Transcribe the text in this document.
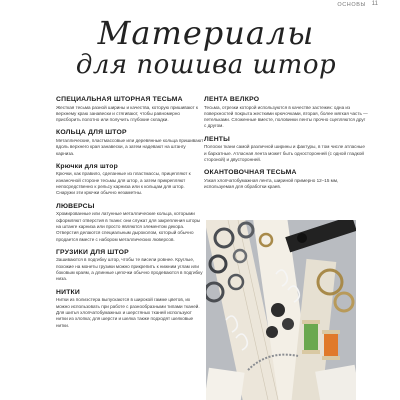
ОСНОВЫ 11
Материалы
для пошива штор
СПЕЦИАЛЬНАЯ ШТОРНАЯ ТЕСЬМА
Жесткая тесьма разной ширины и качества, которую пришивают к верхнему краю занавески и стягивают, чтобы равномерно присборить полотно или получить глубокие складки.
КОЛЬЦА ДЛЯ ШТОР
Металлические, пластмассовые или деревянные кольца пришивают вдоль верхнего края занавески, а затем надевают на штангу карниза.
Крючки для штор
Крючки, как правило, сделанные из пластмассы, прицепляют к изнаночной стороне тесьмы для штор, а затем прикрепляют непосредственно к рельсу карниза или к кольцам для штор. Снаружи эти крючки обычно незаметны.
ЛЮВЕРСЫ
Хромированные или латунные металлические кольца, которыми оформляют отверстия в ткани: они служат для закрепления шторы на штанге карниза или просто являются элементом декора. Отверстия делаются специальным дыроколом, который обычно продается вместе с набором металлических люверсов.
ГРУЗИКИ ДЛЯ ШТОР
Зашиваются в подгибку штор, чтобы те висели ровнее. Круглые, похожие на монеты грузики можно прикрепить к нижним углам или боковым краям, а длинные цепочки обычно продеваются в подгибку низа.
НИТКИ
Нитки из полиэстера выпускаются в широкой гамме цветов, их можно использовать при работе с разнообразными типами тканей. Для шитья хлопчатобумажных и шерстяных тканей используют нитки из хлопка; для шерсти и шелка также подходят шелковые нитки.
ЛЕНТА ВЕЛКРО
Тесьма, отрезки которой используются в качестве застежек: одна из поверхностей покрыта жесткими крючочками, вторая, более мягкая часть — петельками. Сложенные вместе, половинки ленты прочно сцепляются друг с другом.
ЛЕНТЫ
Полоски ткани самой различной ширины и фактуры, в том числе атласные и бархатные. Атласная лента может быть односторонней (с одной гладкой стороной) и двусторонней.
ОКАНТОВОЧНАЯ ТЕСЬМА
Узкая хлопчатобумажная лента, шириной примерно 12–15 мм, используемая для обработки краев.
